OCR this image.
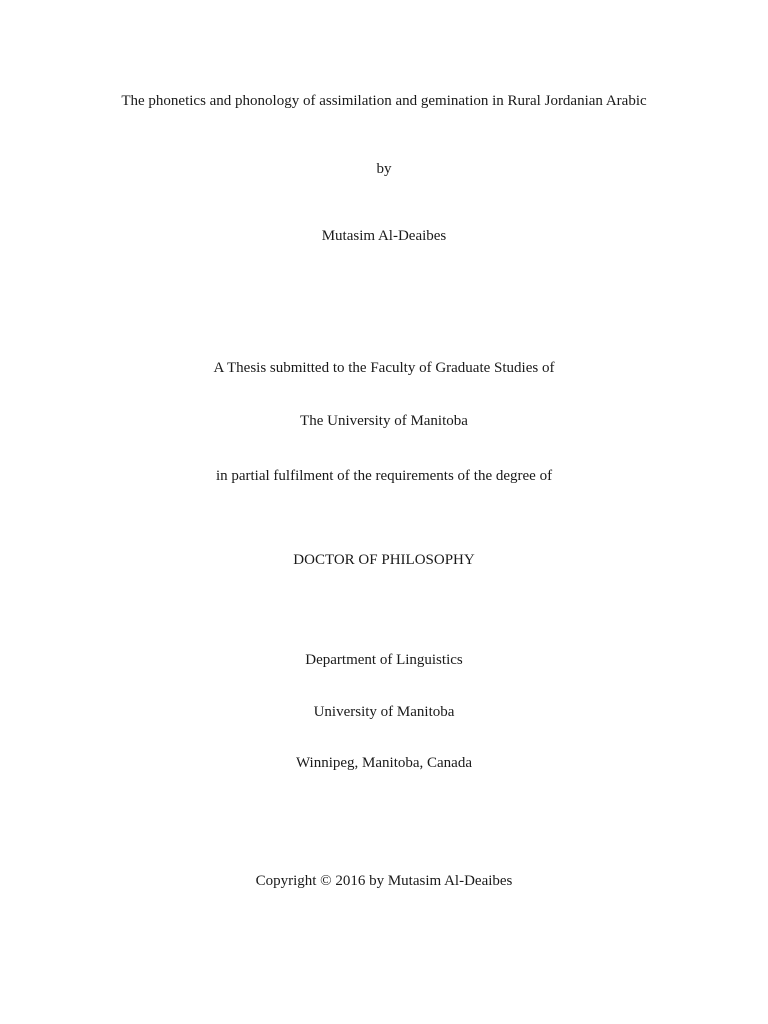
The phonetics and phonology of assimilation and gemination in Rural Jordanian Arabic
by
Mutasim Al-Deaibes
A Thesis submitted to the Faculty of Graduate Studies of
The University of Manitoba
in partial fulfilment of the requirements of the degree of
DOCTOR OF PHILOSOPHY
Department of Linguistics
University of Manitoba
Winnipeg, Manitoba, Canada
Copyright © 2016 by Mutasim Al-Deaibes
